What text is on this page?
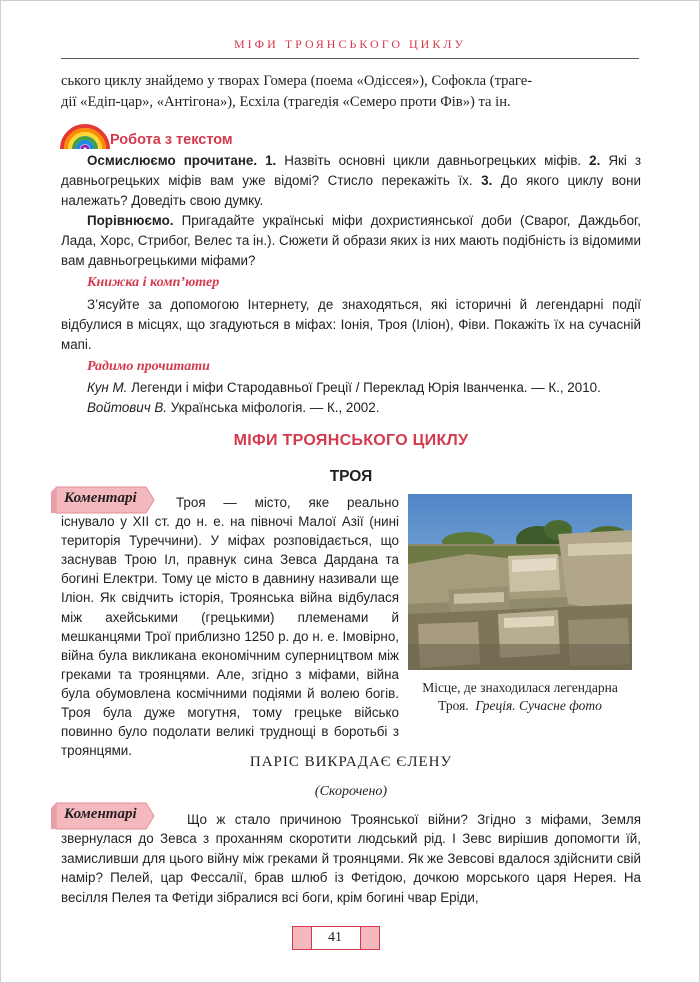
МІФИ ТРОЯНСЬКОГО ЦИКЛУ
ського циклу знайдемо у творах Гомера (поема «Одіссея»), Софокла (траге-
дії «Едіп-цар», «Антігона»), Есхіла (трагедія «Семеро проти Фів») та ін.
Робота з текстом
Осмислюємо прочитане. 1. Назвіть основні цикли давньогрецьких міфів. 2. Які з давньогрецьких міфів вам уже відомі? Стисло перекажіть їх. 3. До якого циклу вони належать? Доведіть свою думку.
Порівнюємо. Пригадайте українські міфи дохристиянської доби (Сварог, Даждьбог, Лада, Хорс, Стрибог, Велес та ін.). Сюжети й образи яких із них мають подібність із відомими вам давньогрецькими міфами?
Книжка і комп’ютер
З’ясуйте за допомогою Інтернету, де знаходяться, які історичні й легендарні події відбулися в місцях, що згадуються в міфах: Іонія, Троя (Іліон), Фіви. Покажіть їх на сучасній мапі.
Радимо прочитати
Кун М. Легенди і міфи Стародавньої Греції / Переклад Юрія Іванченка. — К., 2010.
Войтович В. Українська міфологія. — К., 2002.
МІФИ ТРОЯНСЬКОГО ЦИКЛУ
ТРОЯ
Коментарі	Троя — місто, яке реально існувало у XII ст. до н. е. на півночі Малої Азії (нині територія Туреччини). У міфах розповідається, що заснував Трою Іл, правнук сина Зевса Дардана та богині Електри. Тому це місто в давнину називали ще Іліон. Як свідчить історія, Троянська війна відбулася між ахейськими (грецькими) племенами й мешканцями Трої приблизно 1250 р. до н. е. Імовірно, війна була викликана економічним суперництвом між греками та троянцями. Але, згідно з міфами, війна була обумовлена космічними подіями й волею богів. Троя була дуже могутня, тому грецьке військо повинно було подолати великі труднощі в боротьбі з троянцями.
Місце, де знаходилася легендарна
Троя. Греція. Сучасне фото
ПАРІС ВИКРАДАЄ ЄЛЕНУ
(Скорочено)
Коментарі	Що ж стало причиною Троянської війни? Згідно з міфами, Земля звернулася до Зевса з проханням скоротити людський рід. І Зевс вирішив допомогти їй, замисливши для цього війну між греками й троянцями. Як же Зевсові вдалося здійснити свій намір? Пелей, цар Фессалії, брав шлюб із Фетідою, дочкою морського царя Нерея. На весілля Пелея та Фетіди зібралися всі боги, крім богині чвар Еріди,
41
